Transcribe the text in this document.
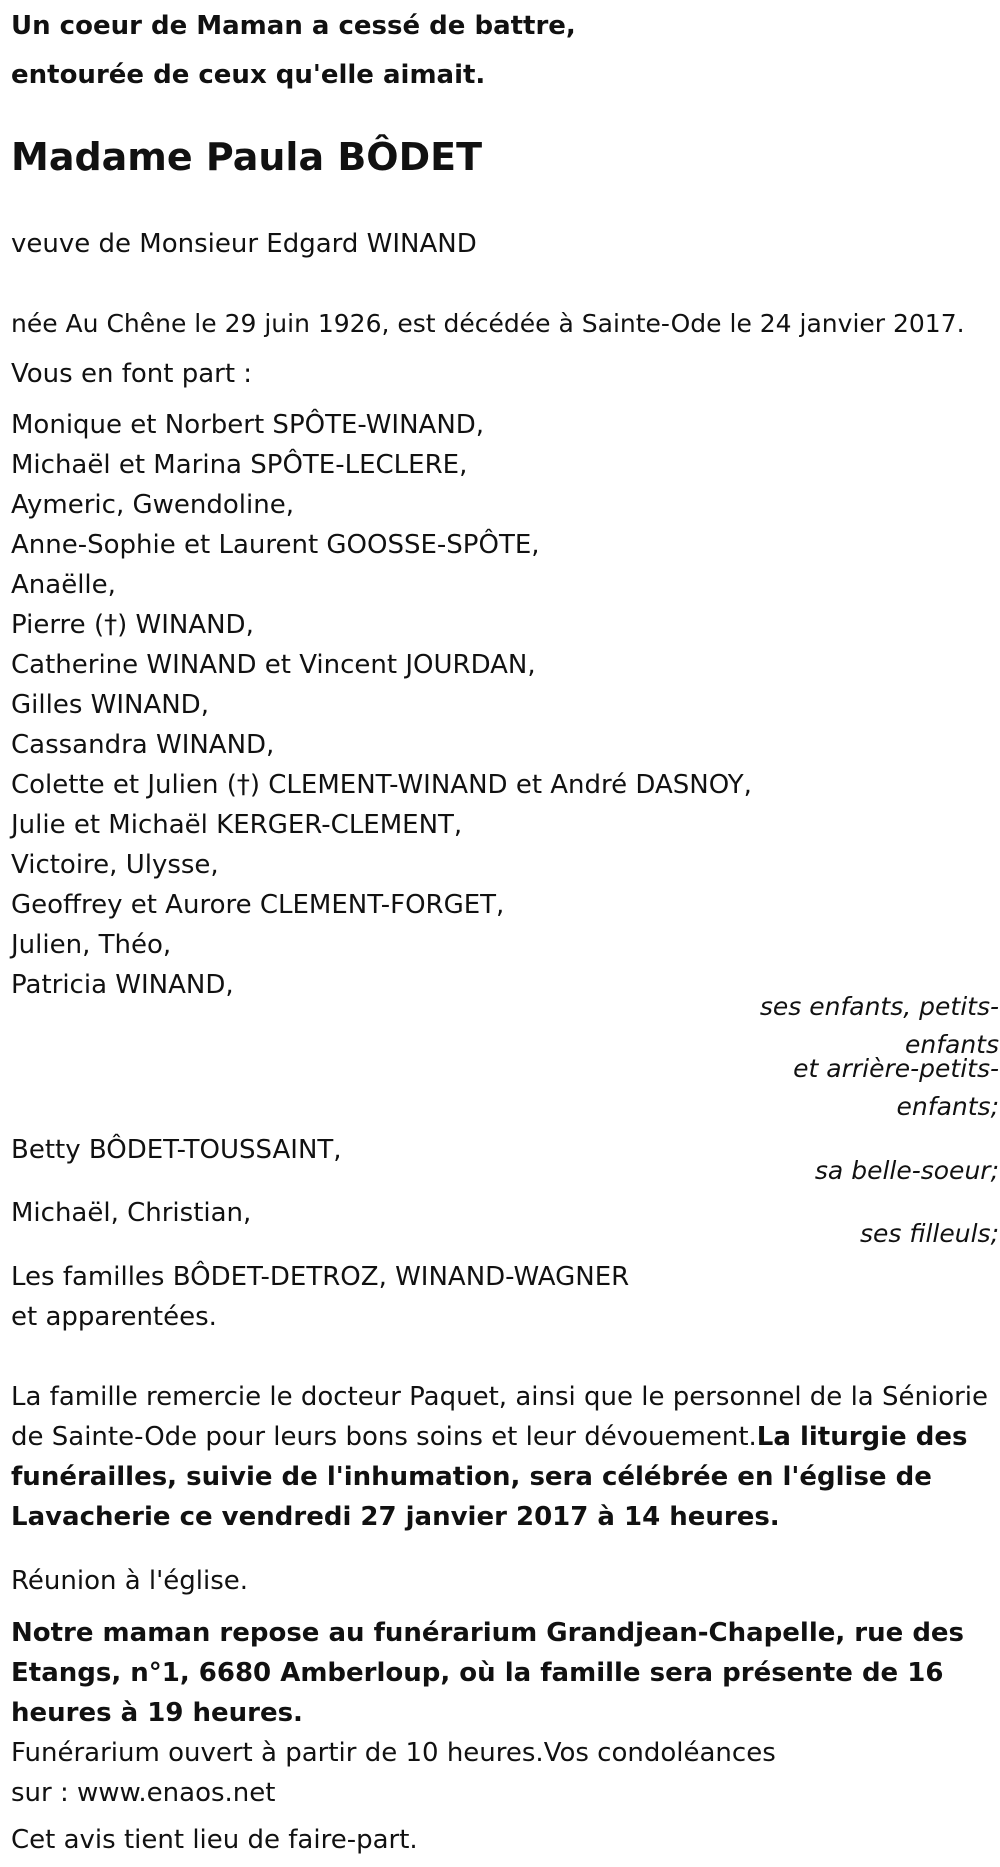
Un coeur de Maman a cessé de battre,
entourée de ceux qu'elle aimait.
Madame Paula BÔDET
veuve de Monsieur Edgard WINAND
née Au Chêne le 29 juin 1926, est décédée à Sainte-Ode le 24 janvier 2017.
Vous en font part :
Monique et Norbert SPÔTE-WINAND,
Michaël et Marina SPÔTE-LECLERE,
Aymeric, Gwendoline,
Anne-Sophie et Laurent GOOSSE-SPÔTE,
Anaëlle,
Pierre (†) WINAND,
Catherine WINAND et Vincent JOURDAN,
Gilles WINAND,
Cassandra WINAND,
Colette et Julien (†) CLEMENT-WINAND et André DASNOY,
Julie et Michaël KERGER-CLEMENT,
Victoire, Ulysse,
Geoffrey et Aurore CLEMENT-FORGET,
Julien, Théo,
Patricia WINAND,
ses enfants, petits-enfants
et arrière-petits-enfants;
Betty BÔDET-TOUSSAINT,
sa belle-soeur;
Michaël, Christian,
ses filleuls;
Les familles BÔDET-DETROZ, WINAND-WAGNER
et apparentées.
La famille remercie le docteur Paquet, ainsi que le personnel de la Séniorie de Sainte-Ode pour leurs bons soins et leur dévouement.La liturgie des funérailles, suivie de l'inhumation, sera célébrée en l'église de Lavacherie ce vendredi 27 janvier 2017 à 14 heures.
Réunion à l'église.
Notre maman repose au funérarium Grandjean-Chapelle, rue des Etangs, n°1, 6680 Amberloup, où la famille sera présente de 16 heures à 19 heures.
Funérarium ouvert à partir de 10 heures.Vos condoléances sur : www.enaos.net
Cet avis tient lieu de faire-part.
